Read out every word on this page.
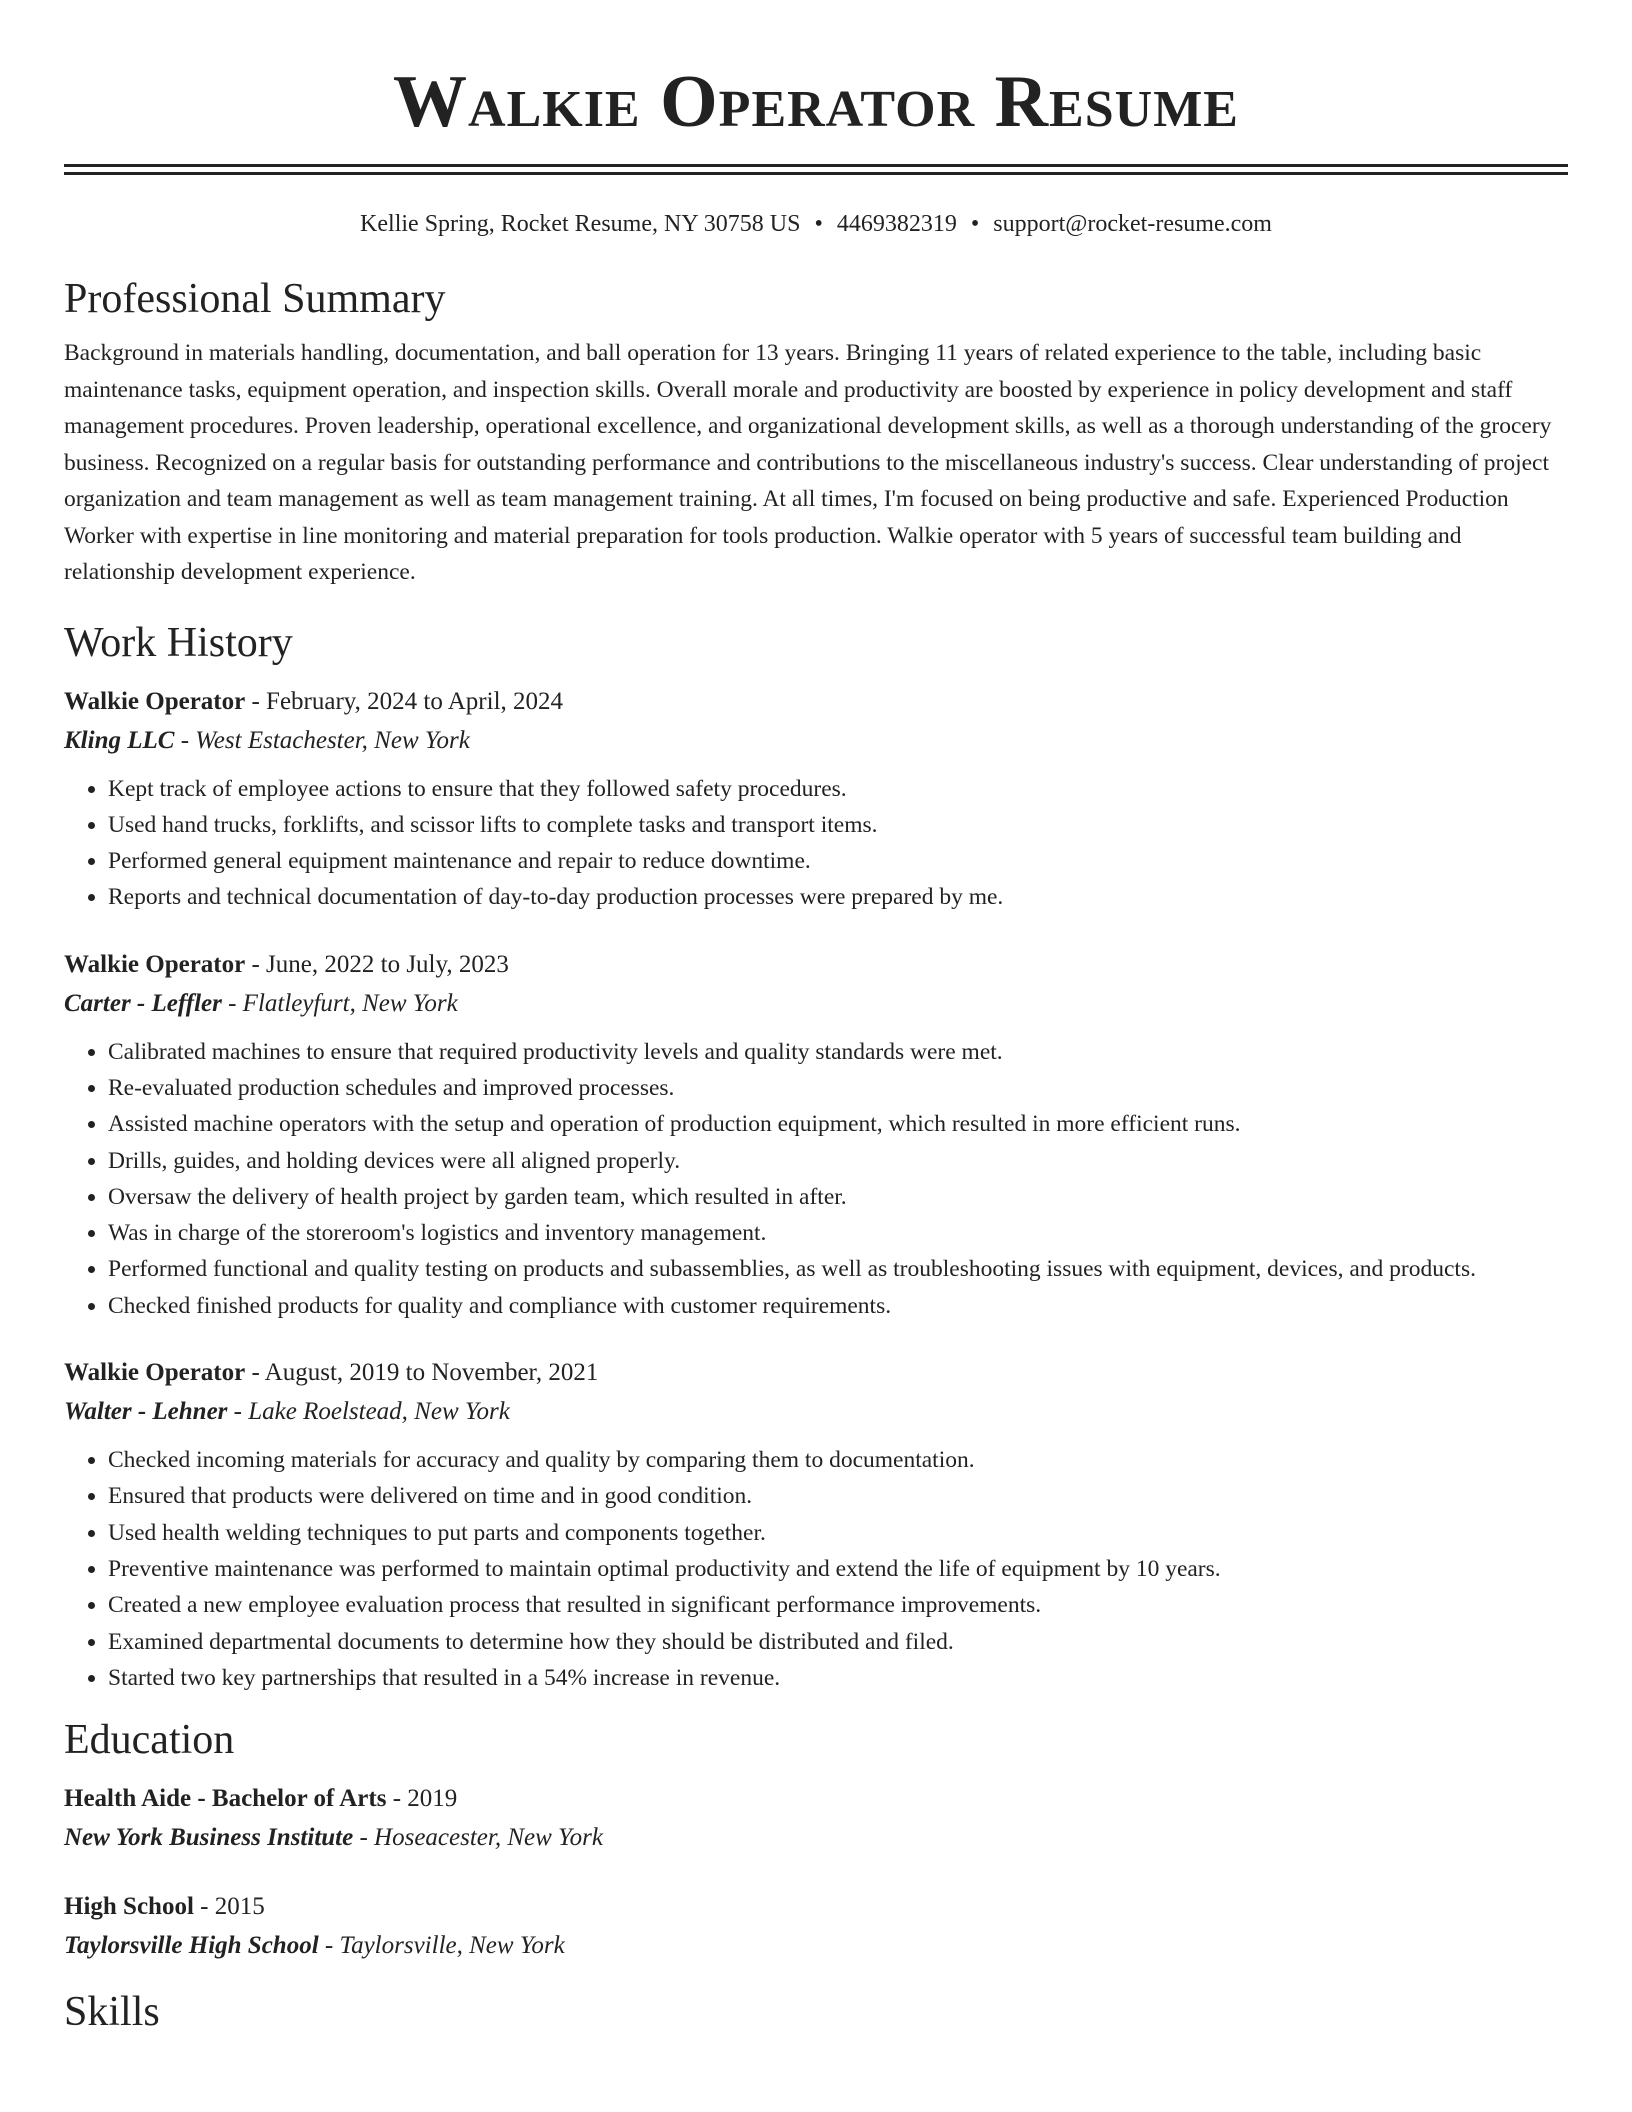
Walkie Operator Resume
Kellie Spring, Rocket Resume, NY 30758 US • 4469382319 • support@rocket-resume.com
Professional Summary

Background in materials handling, documentation, and ball operation for 13 years. Bringing 11 years of related experience to the table, including basic maintenance tasks, equipment operation, and inspection skills. Overall morale and productivity are boosted by experience in policy development and staff management procedures. Proven leadership, operational excellence, and organizational development skills, as well as a thorough understanding of the grocery business. Recognized on a regular basis for outstanding performance and contributions to the miscellaneous industry's success. Clear understanding of project organization and team management as well as team management training. At all times, I'm focused on being productive and safe. Experienced Production Worker with expertise in line monitoring and material preparation for tools production. Walkie operator with 5 years of successful team building and relationship development experience.

Work History
Walkie Operator - February, 2024 to April, 2024
Kling LLC - West Estachester, New York
• Kept track of employee actions to ensure that they followed safety procedures.
• Used hand trucks, forklifts, and scissor lifts to complete tasks and transport items.
• Performed general equipment maintenance and repair to reduce downtime.
• Reports and technical documentation of day-to-day production processes were prepared by me.
Walkie Operator - June, 2022 to July, 2023
Carter - Leffler - Flatleyfurt, New York
• Calibrated machines to ensure that required productivity levels and quality standards were met.
• Re-evaluated production schedules and improved processes.
• Assisted machine operators with the setup and operation of production equipment, which resulted in more efficient runs.
• Drills, guides, and holding devices were all aligned properly.
• Oversaw the delivery of health project by garden team, which resulted in after.
• Was in charge of the storeroom's logistics and inventory management.
• Performed functional and quality testing on products and subassemblies, as well as troubleshooting issues with equipment, devices, and products.
• Checked finished products for quality and compliance with customer requirements.
Walkie Operator - August, 2019 to November, 2021
Walter - Lehner - Lake Roelstead, New York
• Checked incoming materials for accuracy and quality by comparing them to documentation.
• Ensured that products were delivered on time and in good condition.
• Used health welding techniques to put parts and components together.
• Preventive maintenance was performed to maintain optimal productivity and extend the life of equipment by 10 years.
• Created a new employee evaluation process that resulted in significant performance improvements.
• Examined departmental documents to determine how they should be distributed and filed.
• Started two key partnerships that resulted in a 54% increase in revenue.
Education
Health Aide - Bachelor of Arts - 2019
New York Business Institute - Hoseacester, New York
High School - 2015
Taylorsville High School - Taylorsville, New York
Skills
